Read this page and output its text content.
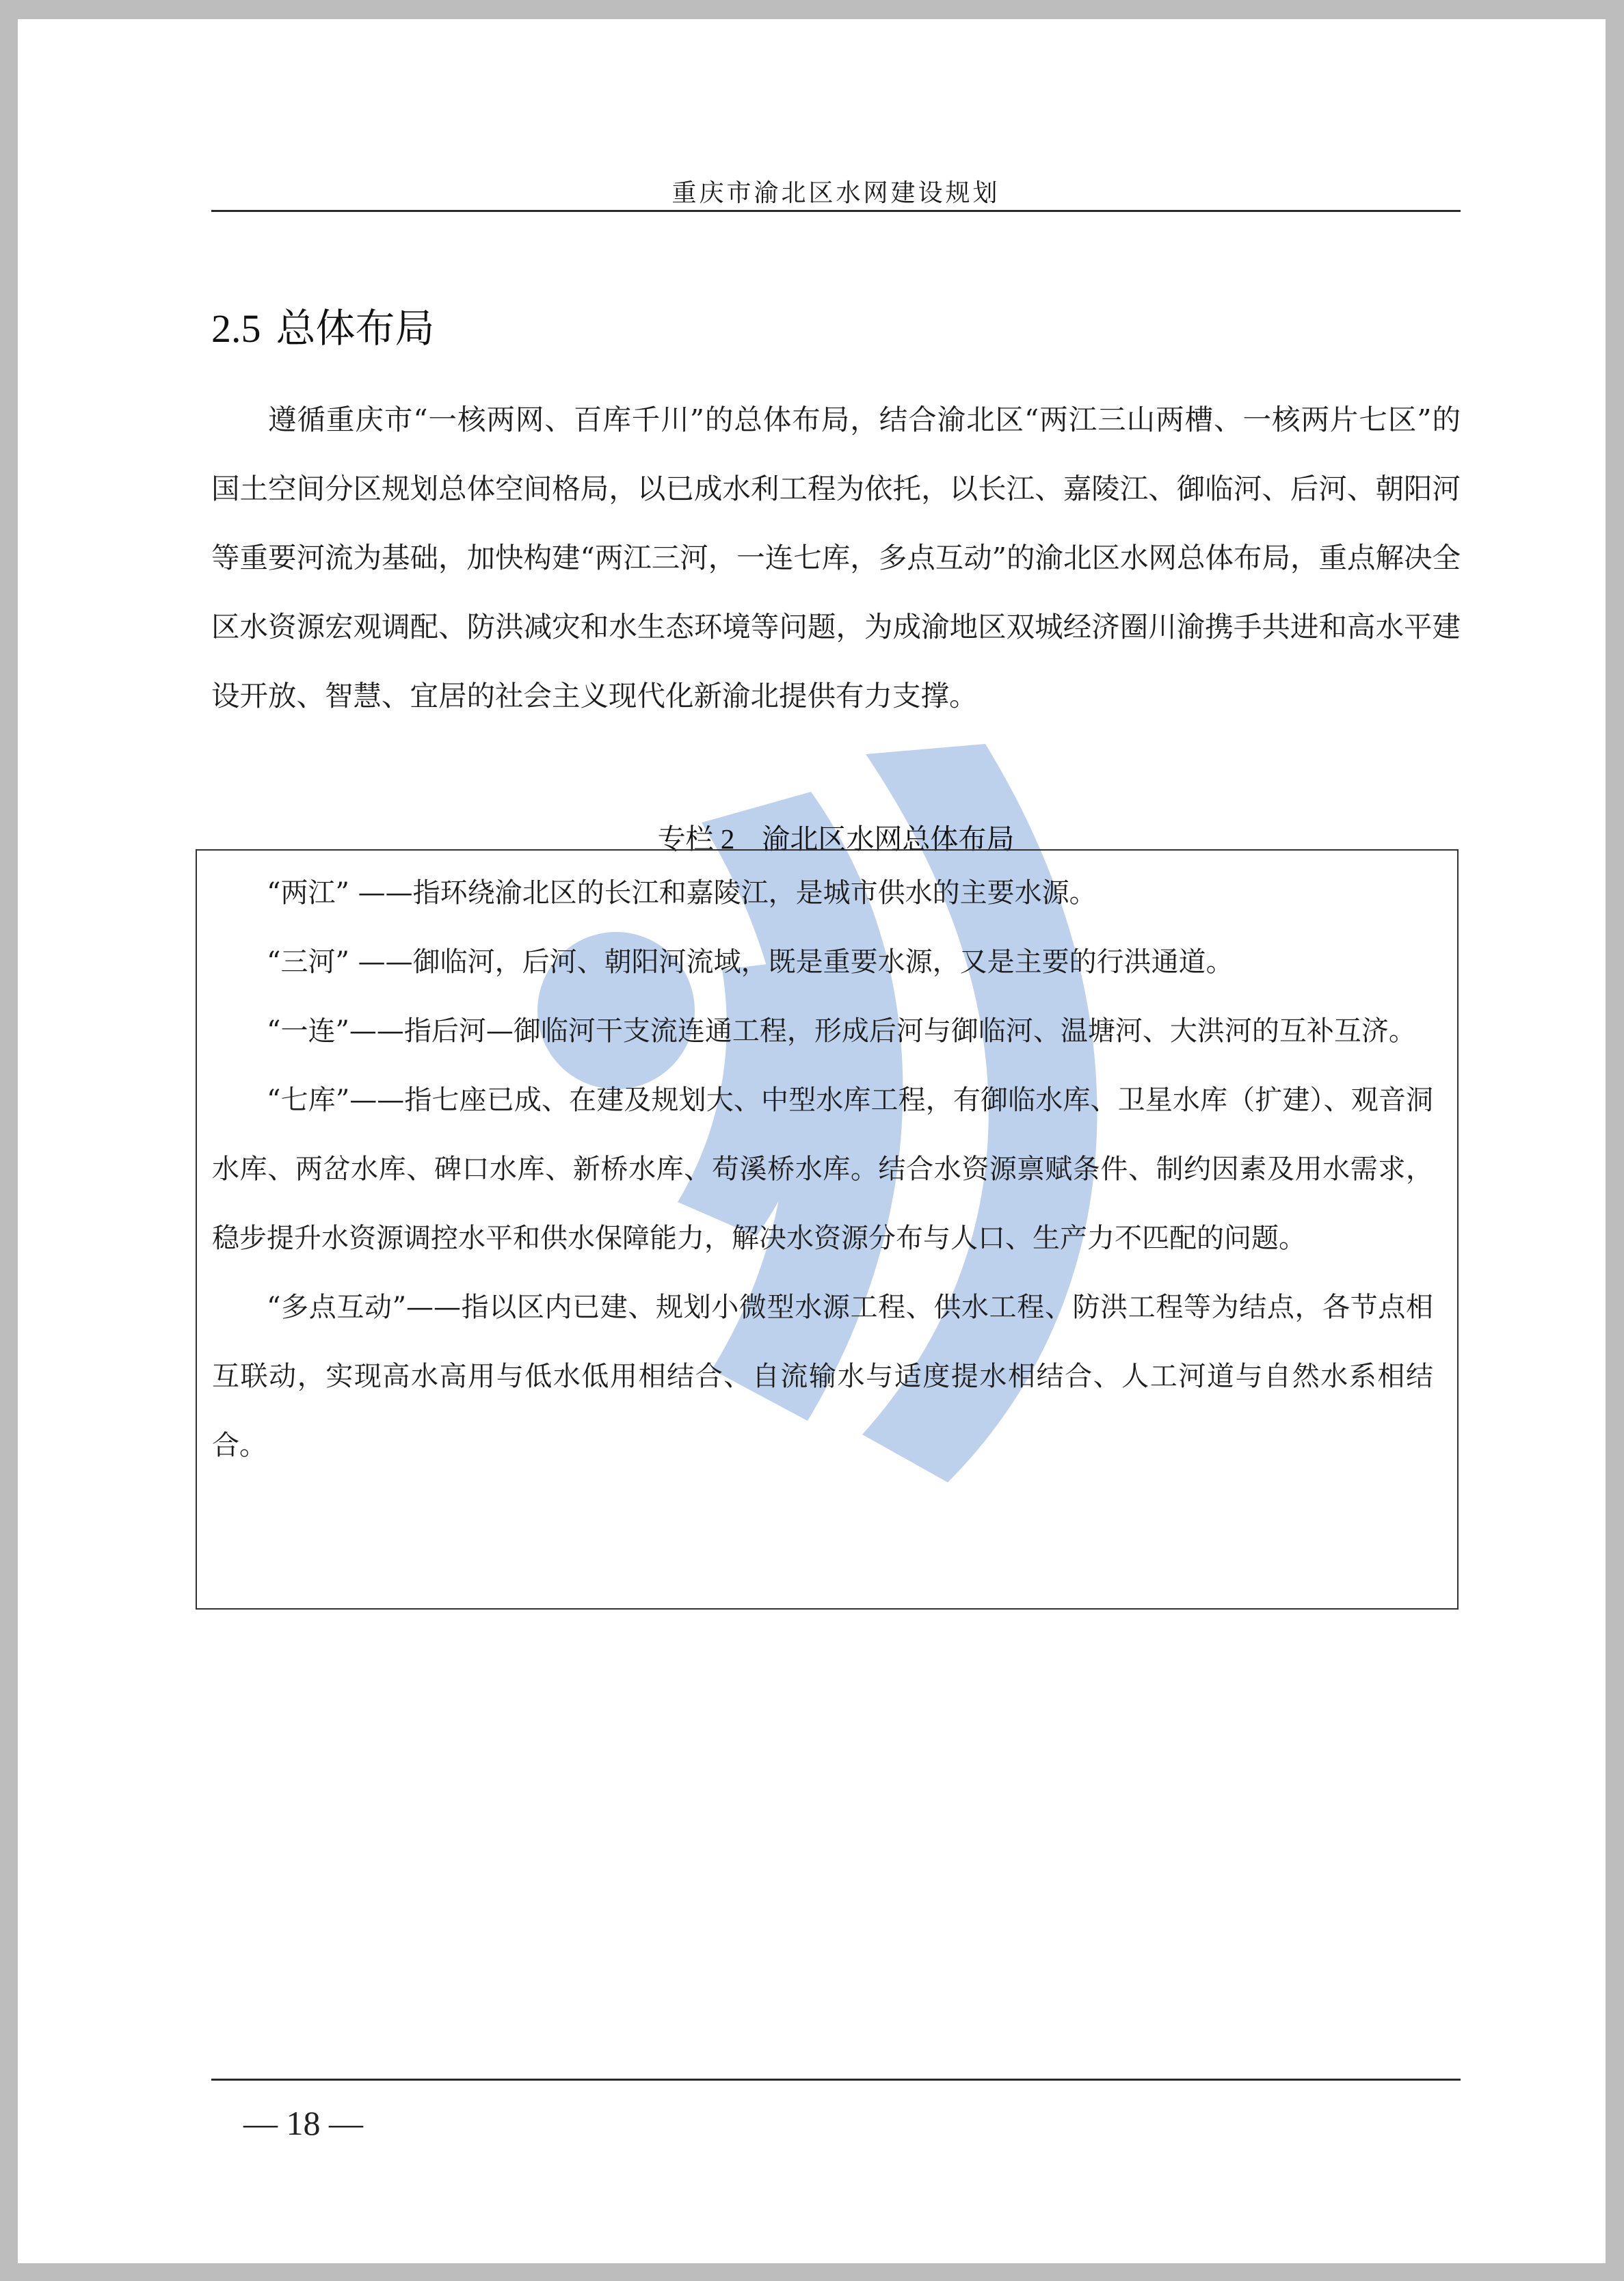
重庆市渝北区水网建设规划
2.5 总体布局

遵循重庆市“一核两网、百库千川”的总体布局，结合渝北区“两江三山两槽、一核两片七区”的国土空间分区规划总体空间格局，以已成水利工程为依托，以长江、嘉陵江、御临河、后河、朝阳河等重要河流为基础，加快构建“两江三河，一连七库，多点互动”的渝北区水网总体布局，重点解决全区水资源宏观调配、防洪减灾和水生态环境等问题，为成渝地区双城经济圈川渝携手共进和高水平建设开放、智慧、宜居的社会主义现代化新渝北提供有力支撑。

专栏 2 渝北区水网总体布局

“两江” ——指环绕渝北区的长江和嘉陵江，是城市供水的主要水源。

“三河” ——御临河，后河、朝阳河流域，既是重要水源，又是主要的行洪通道。

“一连”——指后河—御临河干支流连通工程，形成后河与御临河、温塘河、大洪河的互补互济。

“七库”——指七座已成、在建及规划大、中型水库工程，有御临水库、卫星水库（扩建）、观音洞水库、两岔水库、碑口水库、新桥水库、苟溪桥水库。结合水资源禀赋条件、制约因素及用水需求，稳步提升水资源调控水平和供水保障能力，解决水资源分布与人口、生产力不匹配的问题。

“多点互动”——指以区内已建、规划小微型水源工程、供水工程、防洪工程等为结点，各节点相互联动，实现高水高用与低水低用相结合、自流输水与适度提水相结合、人工河道与自然水系相结合。

— 18 —
